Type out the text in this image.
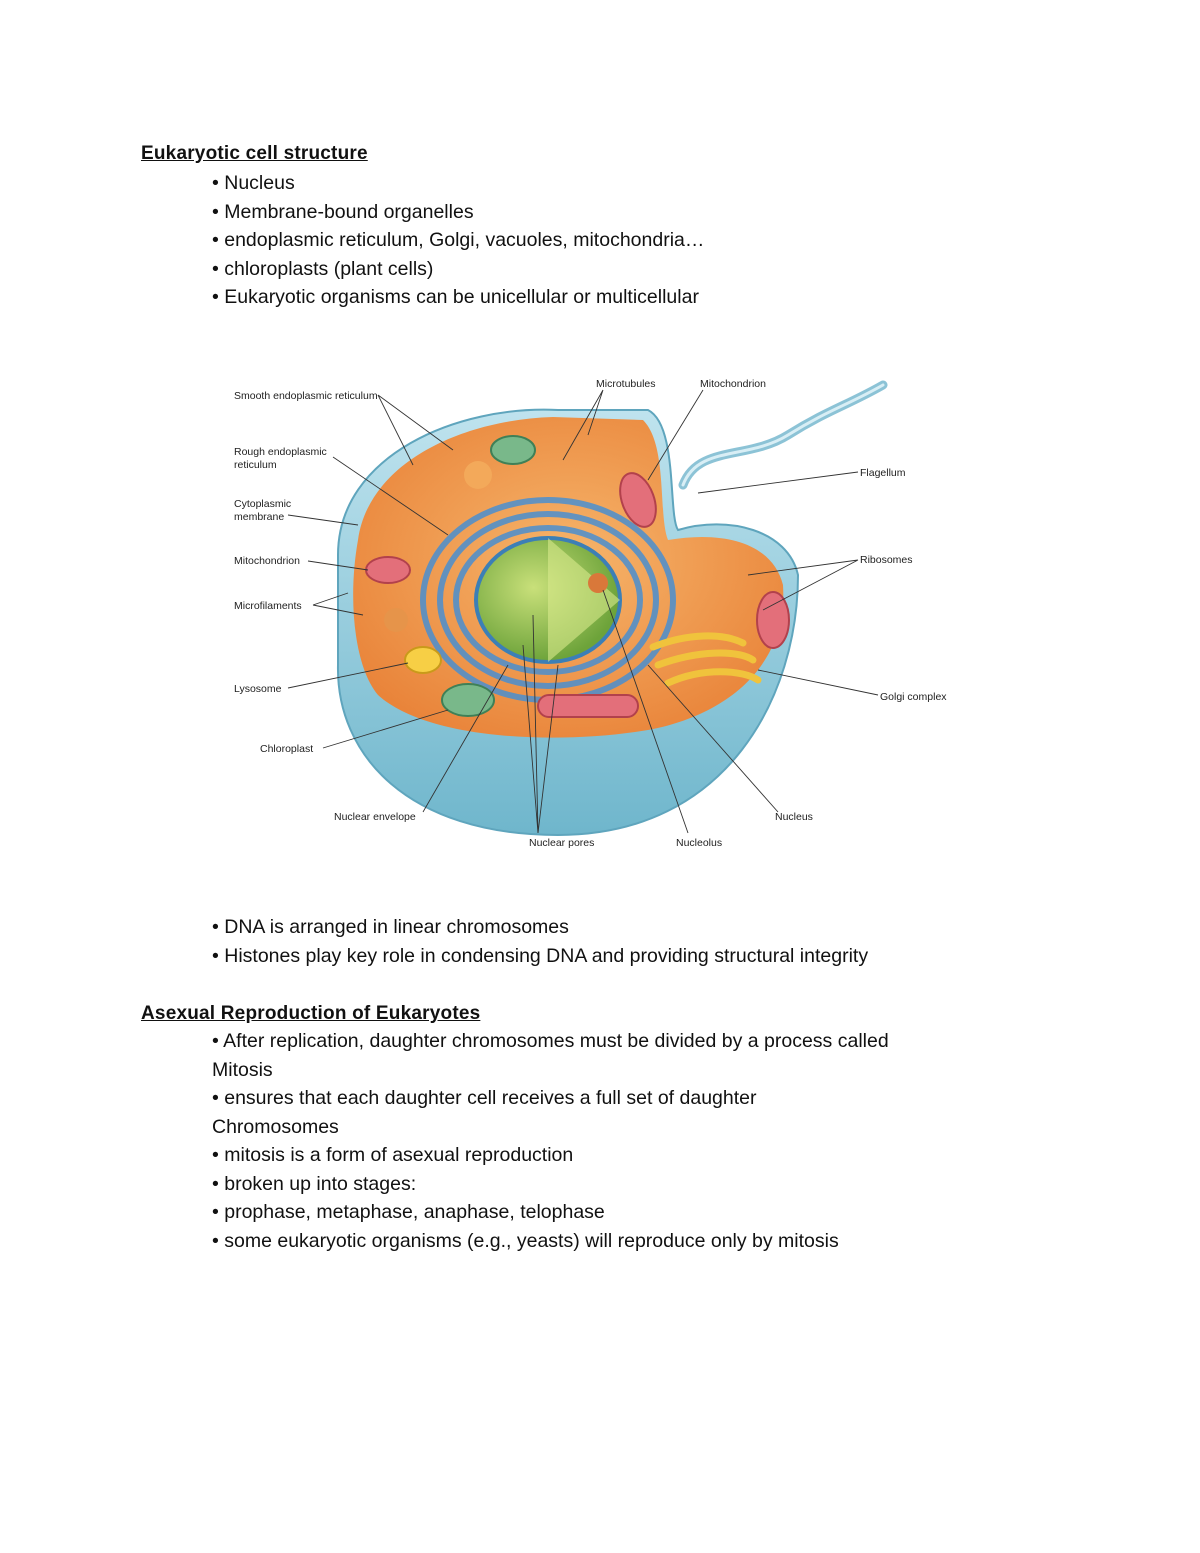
Eukaryotic cell structure
• Nucleus
• Membrane-bound organelles
• endoplasmic reticulum, Golgi, vacuoles, mitochondria…
• chloroplasts (plant cells)
• Eukaryotic organisms can be unicellular or multicellular
Smooth endoplasmic reticulum
Rough endoplasmic
reticulum
Cytoplasmic
membrane
Mitochondrion
Microfilaments
Lysosome
Chloroplast
Nuclear envelope
Nuclear pores	Nucleolus
Nucleus
Golgi complex
Ribosomes
Flagellum
Microtubules	Mitochondrion
• DNA is arranged in linear chromosomes
• Histones play key role in condensing DNA and providing structural integrity
Asexual Reproduction of Eukaryotes
• After replication, daughter chromosomes must be divided by a process called
Mitosis
• ensures that each daughter cell receives a full set of daughter
Chromosomes
• mitosis is a form of asexual reproduction
• broken up into stages:
• prophase, metaphase, anaphase, telophase
• some eukaryotic organisms (e.g., yeasts) will reproduce only by mitosis
